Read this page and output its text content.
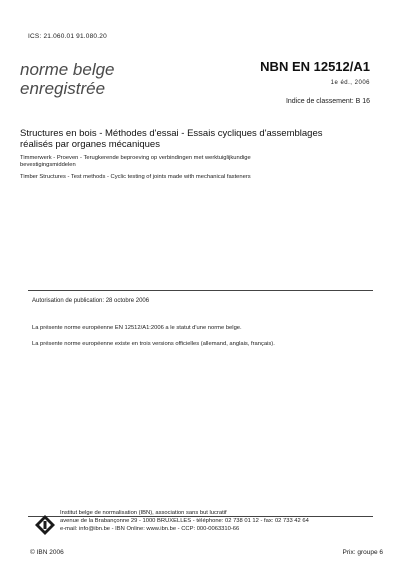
ICS: 21.060.01 91.080.20
norme belge
enregistrée
NBN EN 12512/A1
1e éd., 2006
Indice de classement: B 16
Structures en bois - Méthodes d'essai - Essais cycliques d'assemblages
réalisés par organes mécaniques
Timmerwerk - Proeven - Terugkerende beproeving op verbindingen met werktuiglijkundige
bevestigingsmiddelen
Timber Structures - Test methods - Cyclic testing of joints made with mechanical fasteners
Autorisation de publication: 28 octobre 2006
La présente norme européenne EN 12512/A1:2006 a le statut d'une norme belge.
La présente norme européenne existe en trois versions officielles (allemand, anglais, français).
Institut belge de normalisation (IBN), association sans but lucratif
avenue de la Brabançonne 29 - 1000 BRUXELLES - téléphone: 02 738 01 12 - fax: 02 733 42 64
e-mail: info@ibn.be - IBN Online: www.ibn.be - CCP: 000-0063310-66
© IBN 2006	Prix: groupe 6
